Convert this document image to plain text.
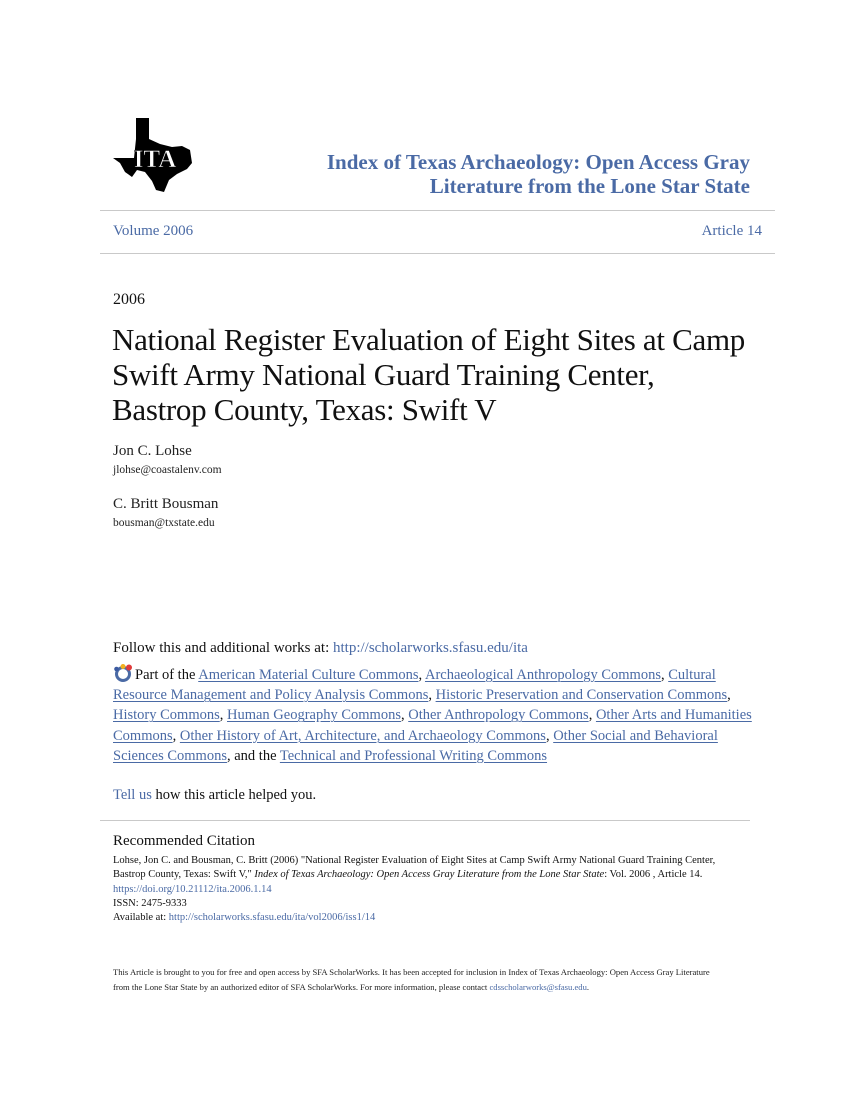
ITA	Index of Texas Archaeology: Open Access Gray
Literature from the Lone Star State
Volume 2006	Article 14
2006
National Register Evaluation of Eight Sites at Camp
Swift Army National Guard Training Center,
Bastrop County, Texas: Swift V
Jon C. Lohse
jlohse@coastalenv.com
C. Britt Bousman
bousman@txstate.edu
Follow this and additional works at: http://scholarworks.sfasu.edu/ita
Part of the American Material Culture Commons, Archaeological Anthropology Commons, Cultural Resource Management and Policy Analysis Commons, Historic Preservation and Conservation Commons, History Commons, Human Geography Commons, Other Anthropology Commons, Other Arts and Humanities Commons, Other History of Art, Architecture, and Archaeology Commons, Other Social and Behavioral Sciences Commons, and the Technical and Professional Writing Commons
Tell us how this article helped you.
Recommended Citation
Lohse, Jon C. and Bousman, C. Britt (2006) "National Register Evaluation of Eight Sites at Camp Swift Army National Guard Training Center, Bastrop County, Texas: Swift V," Index of Texas Archaeology: Open Access Gray Literature from the Lone Star State: Vol. 2006 , Article 14. https://doi.org/10.21112/ita.2006.1.14
ISSN: 2475-9333
Available at: http://scholarworks.sfasu.edu/ita/vol2006/iss1/14
This Article is brought to you for free and open access by SFA ScholarWorks. It has been accepted for inclusion in Index of Texas Archaeology: Open Access Gray Literature from the Lone Star State by an authorized editor of SFA ScholarWorks. For more information, please contact cdsscholarworks@sfasu.edu.
